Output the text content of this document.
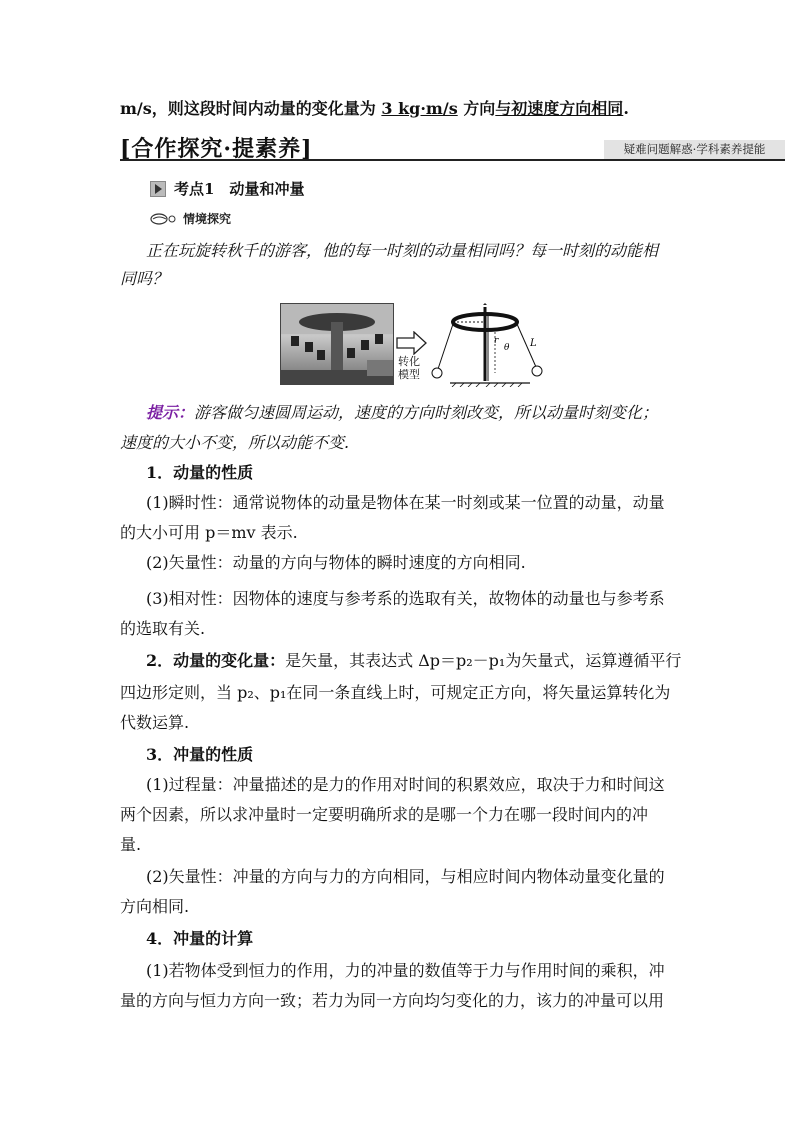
m/s，则这段时间内动量的变化量为 3 kg·m/s 方向与初速度方向相同.
[合作探究·提素养]	疑难问题解惑·学科素养提能
考点1　动量和冲量
情境探究
正在玩旋转秋千的游客，他的每一时刻的动量相同吗？每一时刻的动能相
同吗？
转化
模型
r
θ L
提示：游客做匀速圆周运动，速度的方向时刻改变，所以动量时刻变化；
速度的大小不变，所以动能不变.
1．动量的性质
(1)瞬时性：通常说物体的动量是物体在某一时刻或某一位置的动量，动量
的大小可用 p＝mv 表示.
(2)矢量性：动量的方向与物体的瞬时速度的方向相同.
(3)相对性：因物体的速度与参考系的选取有关，故物体的动量也与参考系
的选取有关.
2．动量的变化量：是矢量，其表达式 Δp＝p₂－p₁为矢量式，运算遵循平行
四边形定则，当 p₂、p₁在同一条直线上时，可规定正方向，将矢量运算转化为
代数运算.
3．冲量的性质
(1)过程量：冲量描述的是力的作用对时间的积累效应，取决于力和时间这
两个因素，所以求冲量时一定要明确所求的是哪一个力在哪一段时间内的冲
量.
(2)矢量性：冲量的方向与力的方向相同，与相应时间内物体动量变化量的
方向相同.
4．冲量的计算
(1)若物体受到恒力的作用，力的冲量的数值等于力与作用时间的乘积，冲
量的方向与恒力方向一致；若力为同一方向均匀变化的力，该力的冲量可以用
